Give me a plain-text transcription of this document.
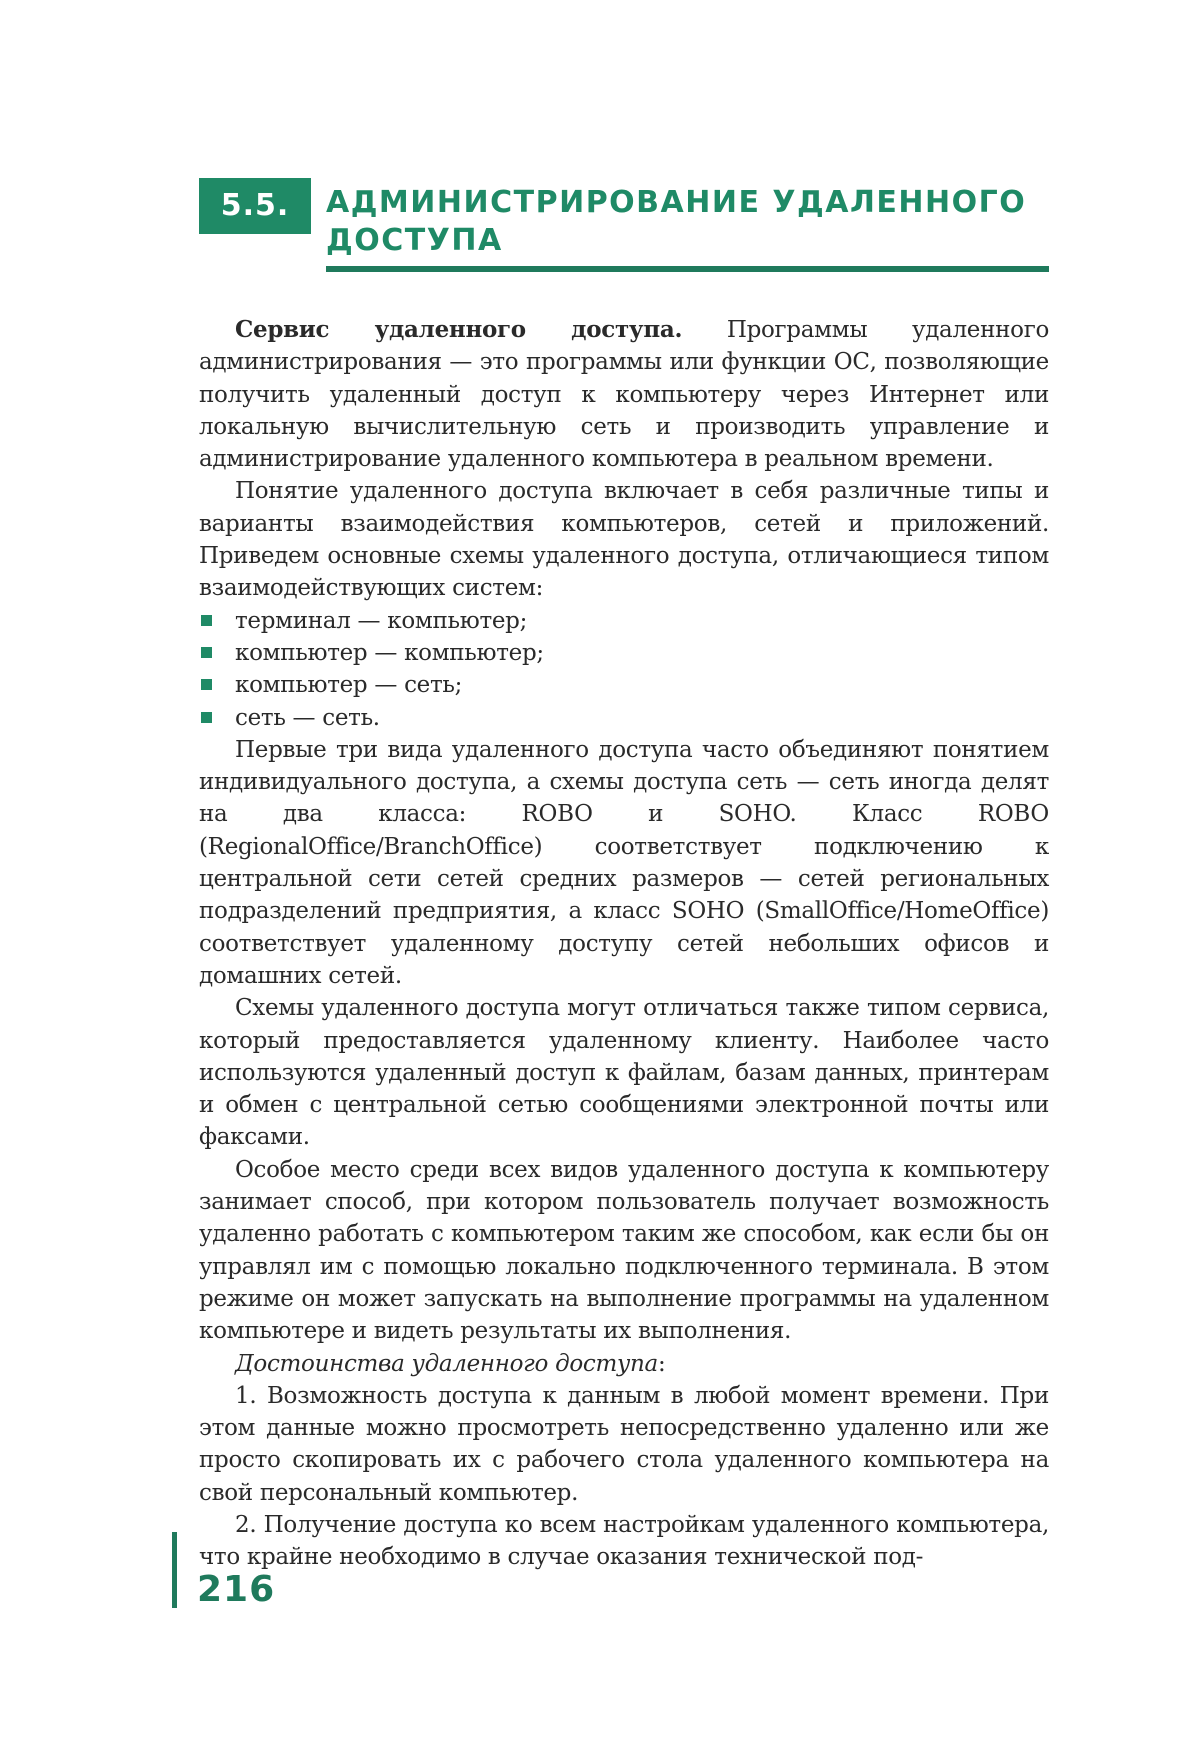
5.5.	АДМИНИСТРИРОВАНИЕ УДАЛЕННОГО ДОСТУПА

Сервис удаленного доступа. Программы удаленного администрирования — это программы или функции ОС, позволяющие получить удаленный доступ к компьютеру через Интернет или локальную вычислительную сеть и производить управление и администрирование удаленного компьютера в реальном времени.

Понятие удаленного доступа включает в себя различные типы и варианты взаимодействия компьютеров, сетей и приложений. Приведем основные схемы удаленного доступа, отличающиеся типом взаимодействующих систем:

терминал — компьютер;
компьютер — компьютер;
компьютер — сеть;
сеть — сеть.

Первые три вида удаленного доступа часто объединяют понятием индивидуального доступа, а схемы доступа сеть — сеть иногда делят на два класса: ROBO и SOHO. Класс ROBO (RegionalOffice/BranchOffice) соответствует подключению к центральной сети сетей средних размеров — сетей региональных подразделений предприятия, а класс SOHO (SmallOffice/HomeOffice) соответствует удаленному доступу сетей небольших офисов и домашних сетей.

Схемы удаленного доступа могут отличаться также типом сервиса, который предоставляется удаленному клиенту. Наиболее часто используются удаленный доступ к файлам, базам данных, принтерам и обмен с центральной сетью сообщениями электронной почты или факсами.

Особое место среди всех видов удаленного доступа к компьютеру занимает способ, при котором пользователь получает возможность удаленно работать с компьютером таким же способом, как если бы он управлял им с помощью локально подключенного терминала. В этом режиме он может запускать на выполнение программы на удаленном компьютере и видеть результаты их выполнения.

Достоинства удаленного доступа:

1. Возможность доступа к данным в любой момент времени. При этом данные можно просмотреть непосредственно удаленно или же просто скопировать их с рабочего стола удаленного компьютера на свой персональный компьютер.

2. Получение доступа ко всем настройкам удаленного компьютера, что крайне необходимо в случае оказания технической под-

216
